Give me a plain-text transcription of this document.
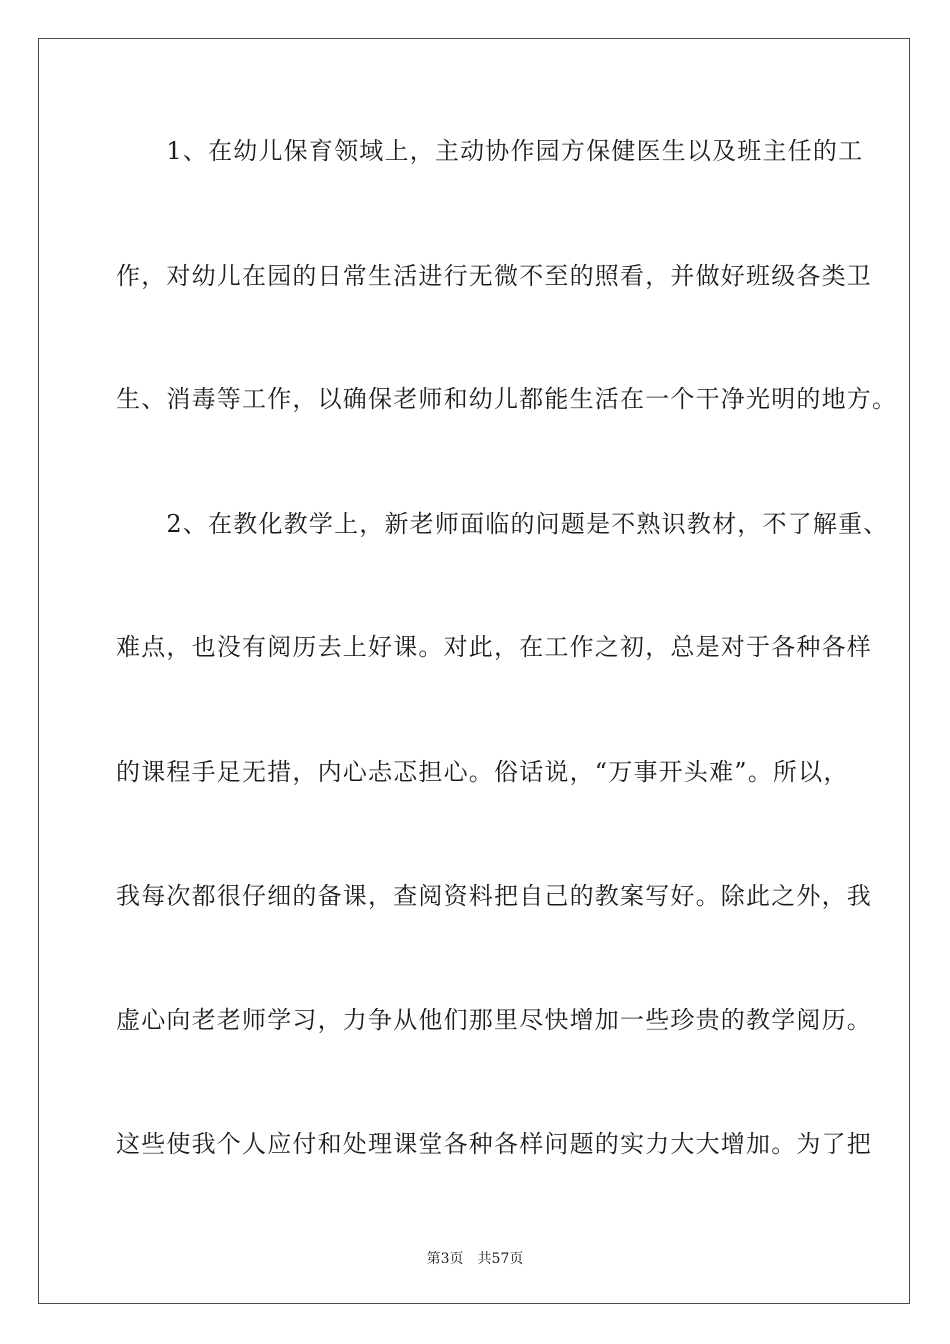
　　1、在幼儿保育领域上，主动协作园方保健医生以及班主任的工
作，对幼儿在园的日常生活进行无微不至的照看，并做好班级各类卫
生、消毒等工作，以确保老师和幼儿都能生活在一个干净光明的地方。
　　2、在教化教学上，新老师面临的问题是不熟识教材，不了解重、
难点，也没有阅历去上好课。对此，在工作之初，总是对于各种各样
的课程手足无措，内心忐忑担心。俗话说，“万事开头难”。所以，
我每次都很仔细的备课，查阅资料把自己的教案写好。除此之外，我
虚心向老老师学习，力争从他们那里尽快增加一些珍贵的教学阅历。
这些使我个人应付和处理课堂各种各样问题的实力大大增加。为了把
第3页 共57页
